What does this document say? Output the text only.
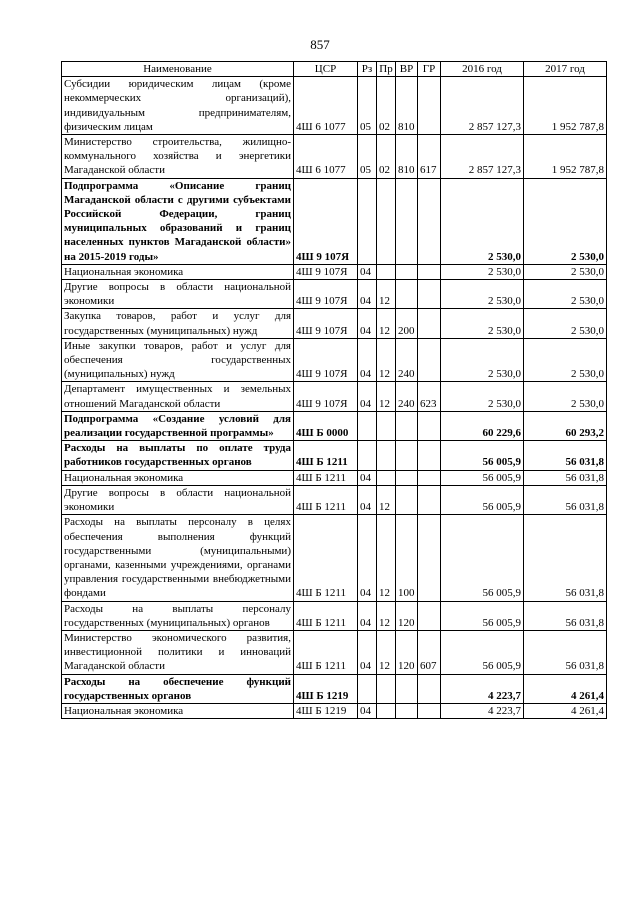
857
Наименование	ЦСР	Рз	Пр	ВР	ГР	2016 год	2017 год
Субсидии юридическим лицам (кроме некоммерческих организаций), индивидуальным предпринимателям, физическим лицам	4Ш 6 1077	05	02	810		2 857 127,3	1 952 787,8
Министерство строительства, жилищно-коммунального хозяйства и энергетики Магаданской области	4Ш 6 1077	05	02	810	617	2 857 127,3	1 952 787,8
Подпрограмма «Описание границ Магаданской области с другими субъектами Российской Федерации, границ муниципальных образований и границ населенных пунктов Магаданской области» на 2015-2019 годы»	4Ш 9 107Я					2 530,0	2 530,0
Национальная экономика	4Ш 9 107Я	04				2 530,0	2 530,0
Другие вопросы в области национальной экономики	4Ш 9 107Я	04	12			2 530,0	2 530,0
Закупка товаров, работ и услуг для государственных (муниципальных) нужд	4Ш 9 107Я	04	12	200		2 530,0	2 530,0
Иные закупки товаров, работ и услуг для обеспечения государственных (муниципальных) нужд	4Ш 9 107Я	04	12	240		2 530,0	2 530,0
Департамент имущественных и земельных отношений Магаданской области	4Ш 9 107Я	04	12	240	623	2 530,0	2 530,0
Подпрограмма «Создание условий для реализации государственной программы»	4Ш Б 0000					60 229,6	60 293,2
Расходы на выплаты по оплате труда работников государственных органов	4Ш Б 1211					56 005,9	56 031,8
Национальная экономика	4Ш Б 1211	04				56 005,9	56 031,8
Другие вопросы в области национальной экономики	4Ш Б 1211	04	12			56 005,9	56 031,8
Расходы на выплаты персоналу в целях обеспечения выполнения функций государственными (муниципальными) органами, казенными учреждениями, органами управления государственными внебюджетными фондами	4Ш Б 1211	04	12	100		56 005,9	56 031,8
Расходы на выплаты персоналу государственных (муниципальных) органов	4Ш Б 1211	04	12	120		56 005,9	56 031,8
Министерство экономического развития, инвестиционной политики и инноваций Магаданской области	4Ш Б 1211	04	12	120	607	56 005,9	56 031,8
Расходы на обеспечение функций государственных органов	4Ш Б 1219					4 223,7	4 261,4
Национальная экономика	4Ш Б 1219	04				4 223,7	4 261,4
